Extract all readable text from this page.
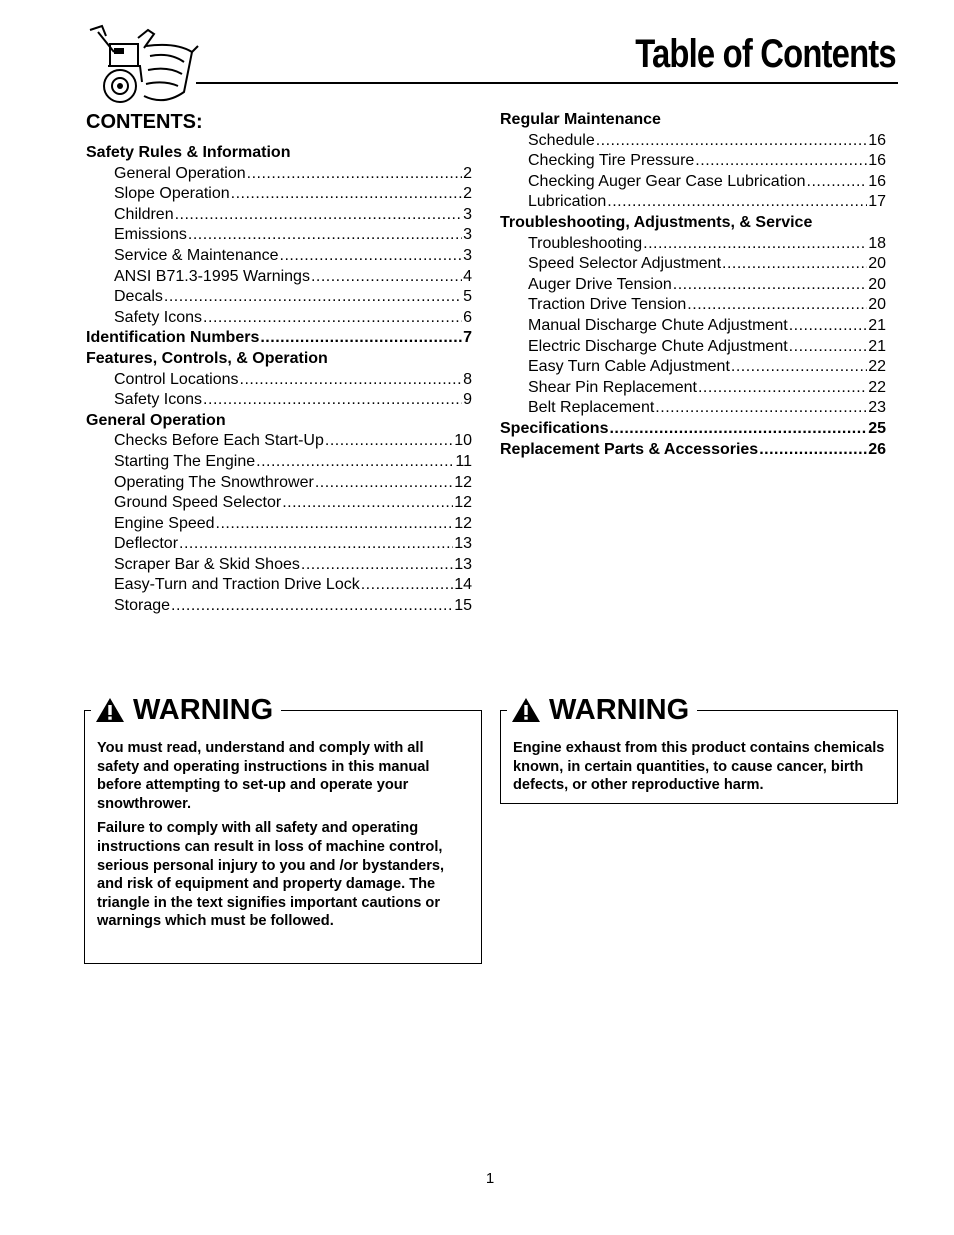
Table of Contents
CONTENTS:
Safety Rules & Information
General Operation .....	2
Slope Operation .....	2
Children .....	3
Emissions .....	3
Service & Maintenance .....	3
ANSI B71.3-1995 Warnings .....	4
Decals .....	5
Safety Icons .....	6
Identification Numbers .....	7
Features, Controls, & Operation
Control Locations .....	8
Safety Icons .....	9
General Operation
Checks Before Each Start-Up .....	10
Starting The Engine .....	11
Operating The Snowthrower .....	12
Ground Speed Selector .....	12
Engine Speed .....	12
Deflector .....	13
Scraper Bar & Skid Shoes .....	13
Easy-Turn and Traction Drive Lock .....	14
Storage .....	15
Regular Maintenance
Schedule .....	16
Checking Tire Pressure .....	16
Checking Auger Gear Case Lubrication .....	16
Lubrication .....	17
Troubleshooting, Adjustments, & Service
Troubleshooting .....	18
Speed Selector Adjustment .....	20
Auger Drive Tension .....	20
Traction Drive Tension .....	20
Manual Discharge Chute Adjustment .....	21
Electric Discharge Chute Adjustment .....	21
Easy Turn Cable Adjustment .....	22
Shear Pin Replacement .....	22
Belt Replacement .....	23
Specifications .....	25
Replacement Parts & Accessories .....	26
WARNING

You must read, understand and comply with all safety and operating instructions in this manual before attempting to set-up and operate your snowthrower.

Failure to comply with all safety and operating instructions can result in loss of machine control, serious personal injury to you and /or bystanders, and risk of equipment and property damage. The triangle in the text signifies important cautions or warnings which must be followed.

WARNING

Engine exhaust from this product contains chemicals known, in certain quantities, to cause cancer, birth defects, or other reproductive harm.

1
